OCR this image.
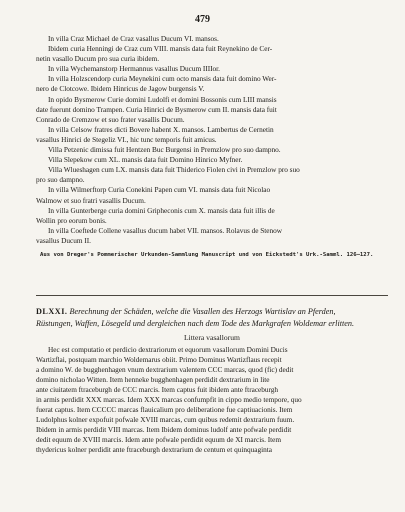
479
In villa Craz Michael de Craz vasallus Ducum VI. mansos.
Ibidem curia Henningi de Craz cum VIII. mansis data fuit Reynekino de Cer-
netin vasallo Ducum pro sua curia ibidem.
In villa Wychemanstorp Hermannus vasallus Ducum IIIIor.
In villa Holzscendorp curia Meynekini cum octo mansis data fuit domino Wer-
nero de Clotcowe. Ibidem Hinricus de Jagow burgensis V.
In opido Bysmerow Curie domini Ludolfi et domini Bossonis cum LIII mansis
date fuerunt domino Trampen. Curia Hinrici de Bysmerow cum II. mansis data fuit
Conrado de Cremzow et suo frater vasallis Ducum.
In villa Celsow fratres dicti Bovere habent X. mansos. Lambertus de Cernetin
vasallus Hinrici de Stegeliz VI., hic tunc temporis fuit amicus.
Villa Petzenic dimissa fuit Hentzen Buc Burgensi in Premzlow pro suo dampno.
Villa Slepekow cum XL. mansis data fuit Domino Hinrico Myfner.
Villa Wlueshagen cum LX. mansis data fuit Thiderico Fiolen civi in Premzlow pro suo
pro suo dampno.
In villa Wilmerftorp Curia Conekini Papen cum VI. mansis data fuit Nicolao
Walmow et suo fratri vasallis Ducum.
In villa Gunterberge curia domini Gripheconis cum X. mansis data fuit illis de
Wollin pro eorum bonis.
In villa Coeftede Collene vasallus ducum habet VII. mansos. Rolavus de Stenow
vasallus Ducum II.
Aus von Dreger's Pommerischer Urkunden-Sammlung Manuscript und von Eickstedt's Urk.-Samml. 126—127.
DLXXI. Berechnung der Schäden, welche die Vasallen des Herzogs Wartislav an Pferden,
Rüstungen, Waffen, Lösegeld und dergleichen nach dem Tode des Markgrafen Woldemar erlitten.
Littera vasallorum
Hec est computatio et perdicio dextrariorum et equorum vasallorum Domini Ducis
Wartizflai, postquam marchio Woldemarus obiit. Primo Dominus Wartizflaus recepit
a domino W. de bugghenhagen vnum dextrarium valentem CCC marcas, quod (fic) dedit
domino nicholao Witten. Item henneke bugghenhagen perdidit dextrarium in lite
ante ciuitatem ftraceburgh de CCC marcis. Item captus fuit ibidem ante ftraceburgh
in armis perdidit XXX marcas. Idem XXX marcas confumpfit in cippo medio tempore, quo
fuerat captus. Item CCCCC marcas flauicalium pro deliberatione fue captiuacionis. Item
Ludolphus kolner expofuit pofwale XVIII marcas, cum quibus redemit dextrarium fuum.
Ibidem in armis perdidit VIII marcas. Item Ibidem dominus ludolf ante pofwale perdidit
dedit equum de XVIII marcis. Idem ante pofwale perdidit equum de XI marcis. Item
thydericus kolner perdidit ante ftraceburgh dextrarium de centum et quinquaginta
